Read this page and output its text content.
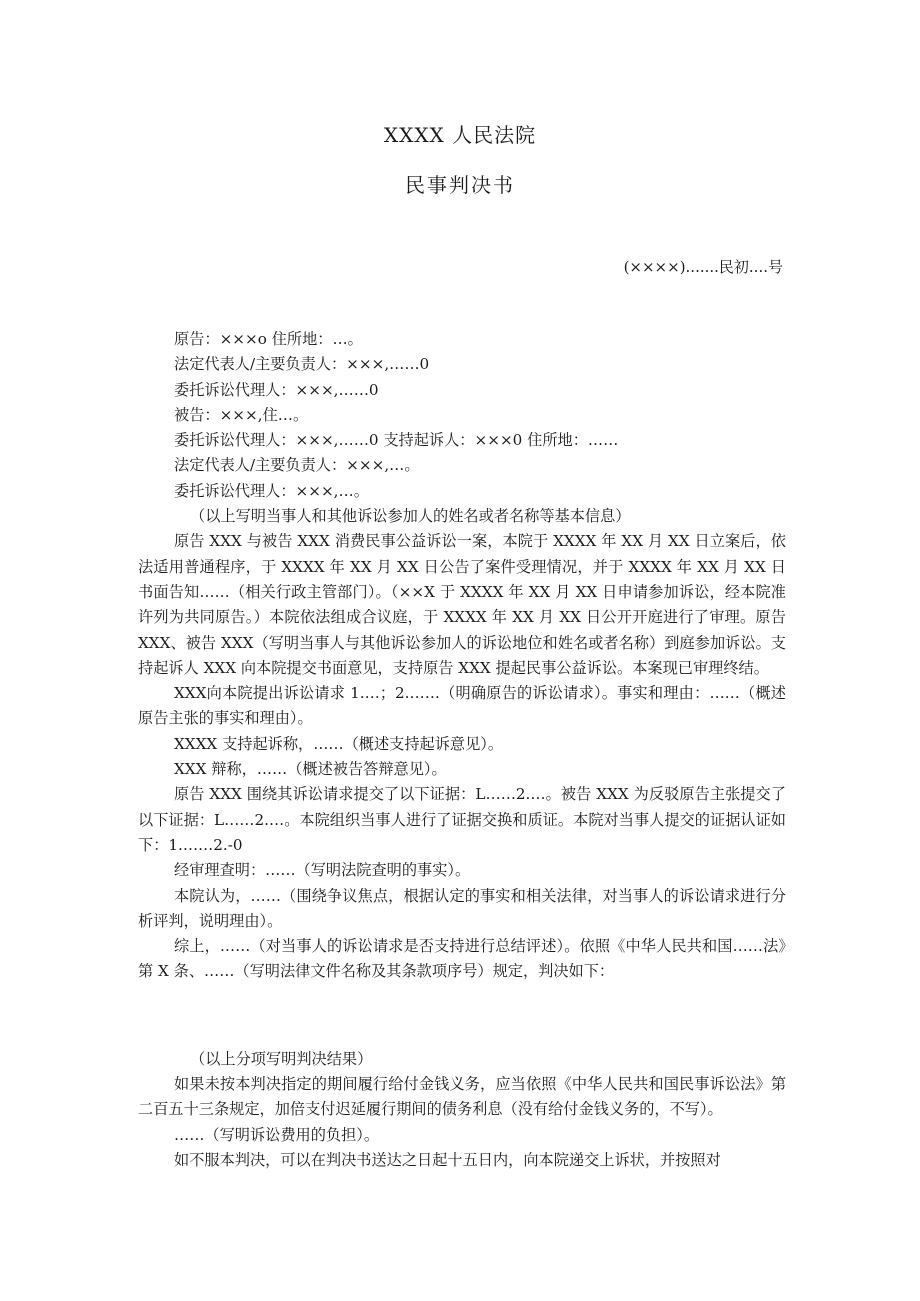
XXXX 人民法院
民事判决书
(××××).......民初....号

原告：×××o 住所地：…。

法定代表人/主要负责人：×××,……0

委托诉讼代理人：×××,……0

被告：×××,住…。

委托诉讼代理人：×××,……0 支持起诉人：×××0 住所地：……

法定代表人/主要负责人：×××,…。

委托诉讼代理人：×××,…。

（以上写明当事人和其他诉讼参加人的姓名或者名称等基本信息）

原告 XXX 与被告 XXX 消费民事公益诉讼一案，本院于 XXXX 年 XX 月 XX 日立案后，依法适用普通程序，于 XXXX 年 XX 月 XX 日公告了案件受理情况，并于 XXXX 年 XX 月 XX 日书面告知……（相关行政主管部门）。（××X 于 XXXX 年 XX 月 XX 日申请参加诉讼，经本院准许列为共同原告。）本院依法组成合议庭，于 XXXX 年 XX 月 XX 日公开开庭进行了审理。原告 XXX、被告 XXX（写明当事人与其他诉讼参加人的诉讼地位和姓名或者名称）到庭参加诉讼。支持起诉人 XXX 向本院提交书面意见，支持原告 XXX 提起民事公益诉讼。本案现已审理终结。

XXX向本院提出诉讼请求 1.…；2.……（明确原告的诉讼请求）。事实和理由：……（概述原告主张的事实和理由）。

XXXX 支持起诉称，……（概述支持起诉意见）。

XXX 辩称，……（概述被告答辩意见）。

原告 XXX 围绕其诉讼请求提交了以下证据：L……2.…。被告 XXX 为反驳原告主张提交了以下证据：L……2.…。本院组织当事人进行了证据交换和质证。本院对当事人提交的证据认证如下：1.……2.-0

经审理查明：……（写明法院查明的事实）。

本院认为，……（围绕争议焦点，根据认定的事实和相关法律，对当事人的诉讼请求进行分析评判，说明理由）。

综上，……（对当事人的诉讼请求是否支持进行总结评述）。依照《中华人民共和国……法》第 X 条、……（写明法律文件名称及其条款项序号）规定，判决如下：

（以上分项写明判决结果）

如果未按本判决指定的期间履行给付金钱义务，应当依照《中华人民共和国民事诉讼法》第二百五十三条规定，加倍支付迟延履行期间的债务利息（没有给付金钱义务的，不写）。

……（写明诉讼费用的负担）。

如不服本判决，可以在判决书送达之日起十五日内，向本院递交上诉状，并按照对
